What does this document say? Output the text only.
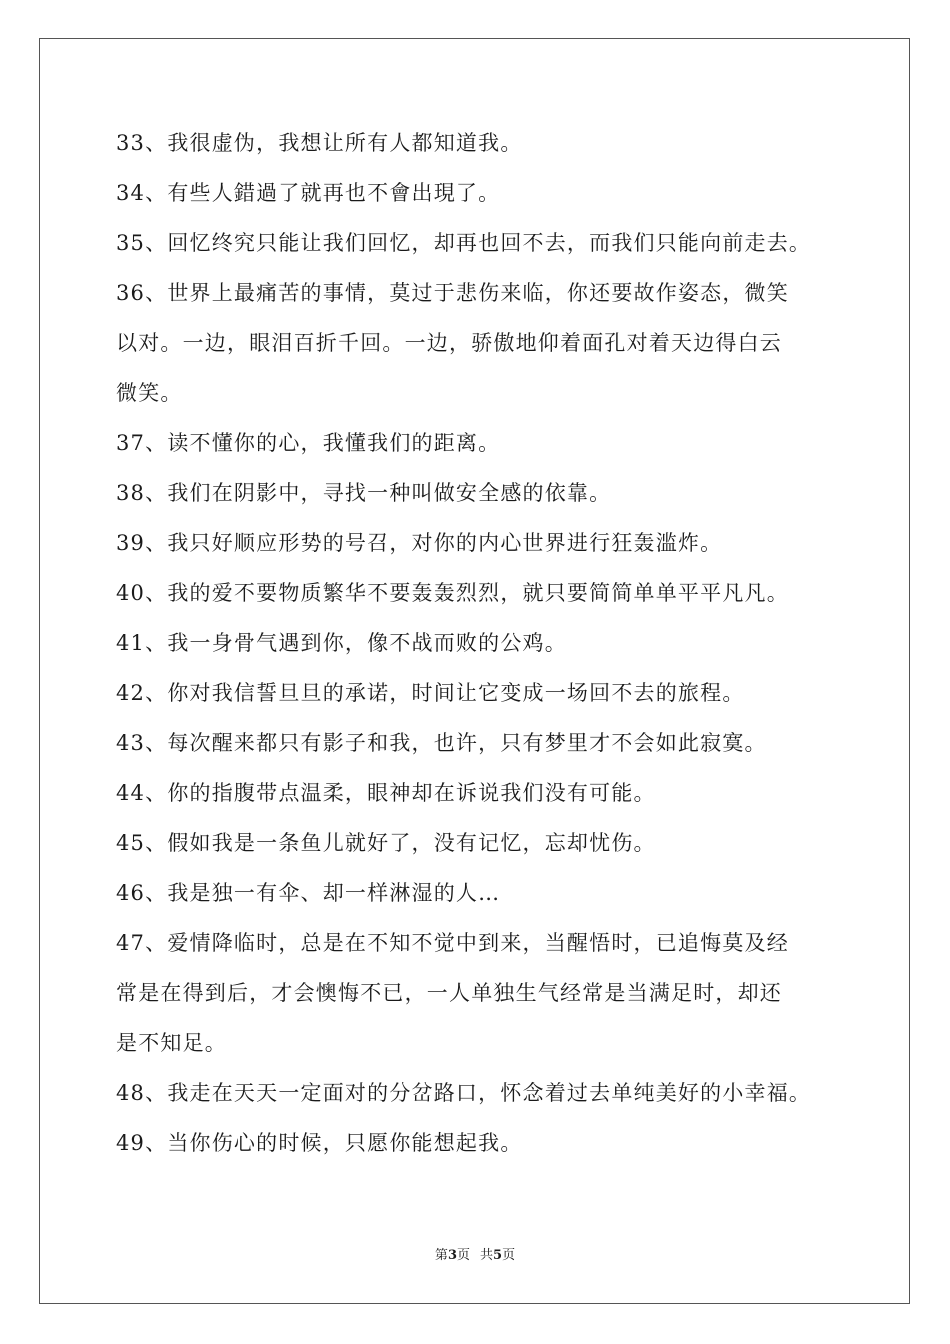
33、我很虚伪，我想让所有人都知道我。
34、有些人錯過了就再也不會出現了。
35、回忆终究只能让我们回忆，却再也回不去，而我们只能向前走去。
36、世界上最痛苦的事情，莫过于悲伤来临，你还要故作姿态，微笑
以对。一边，眼泪百折千回。一边，骄傲地仰着面孔对着天边得白云
微笑。
37、读不懂你的心，我懂我们的距离。
38、我们在阴影中，寻找一种叫做安全感的依靠。
39、我只好顺应形势的号召，对你的内心世界进行狂轰滥炸。
40、我的爱不要物质繁华不要轰轰烈烈，就只要简简单单平平凡凡。
41、我一身骨气遇到你，像不战而败的公鸡。
42、你对我信誓旦旦的承诺，时间让它变成一场回不去的旅程。
43、每次醒来都只有影子和我，也许，只有梦里才不会如此寂寞。
44、你的指腹带点温柔，眼神却在诉说我们没有可能。
45、假如我是一条鱼儿就好了，没有记忆，忘却忧伤。
46、我是独一有伞、却一样淋湿的人…
47、爱情降临时，总是在不知不觉中到来，当醒悟时，已追悔莫及经
常是在得到后，才会懊悔不已，一人单独生气经常是当满足时，却还
是不知足。
48、我走在天天一定面对的分岔路口，怀念着过去单纯美好的小幸福。
49、当你伤心的时候，只愿你能想起我。
第3页 共5页
